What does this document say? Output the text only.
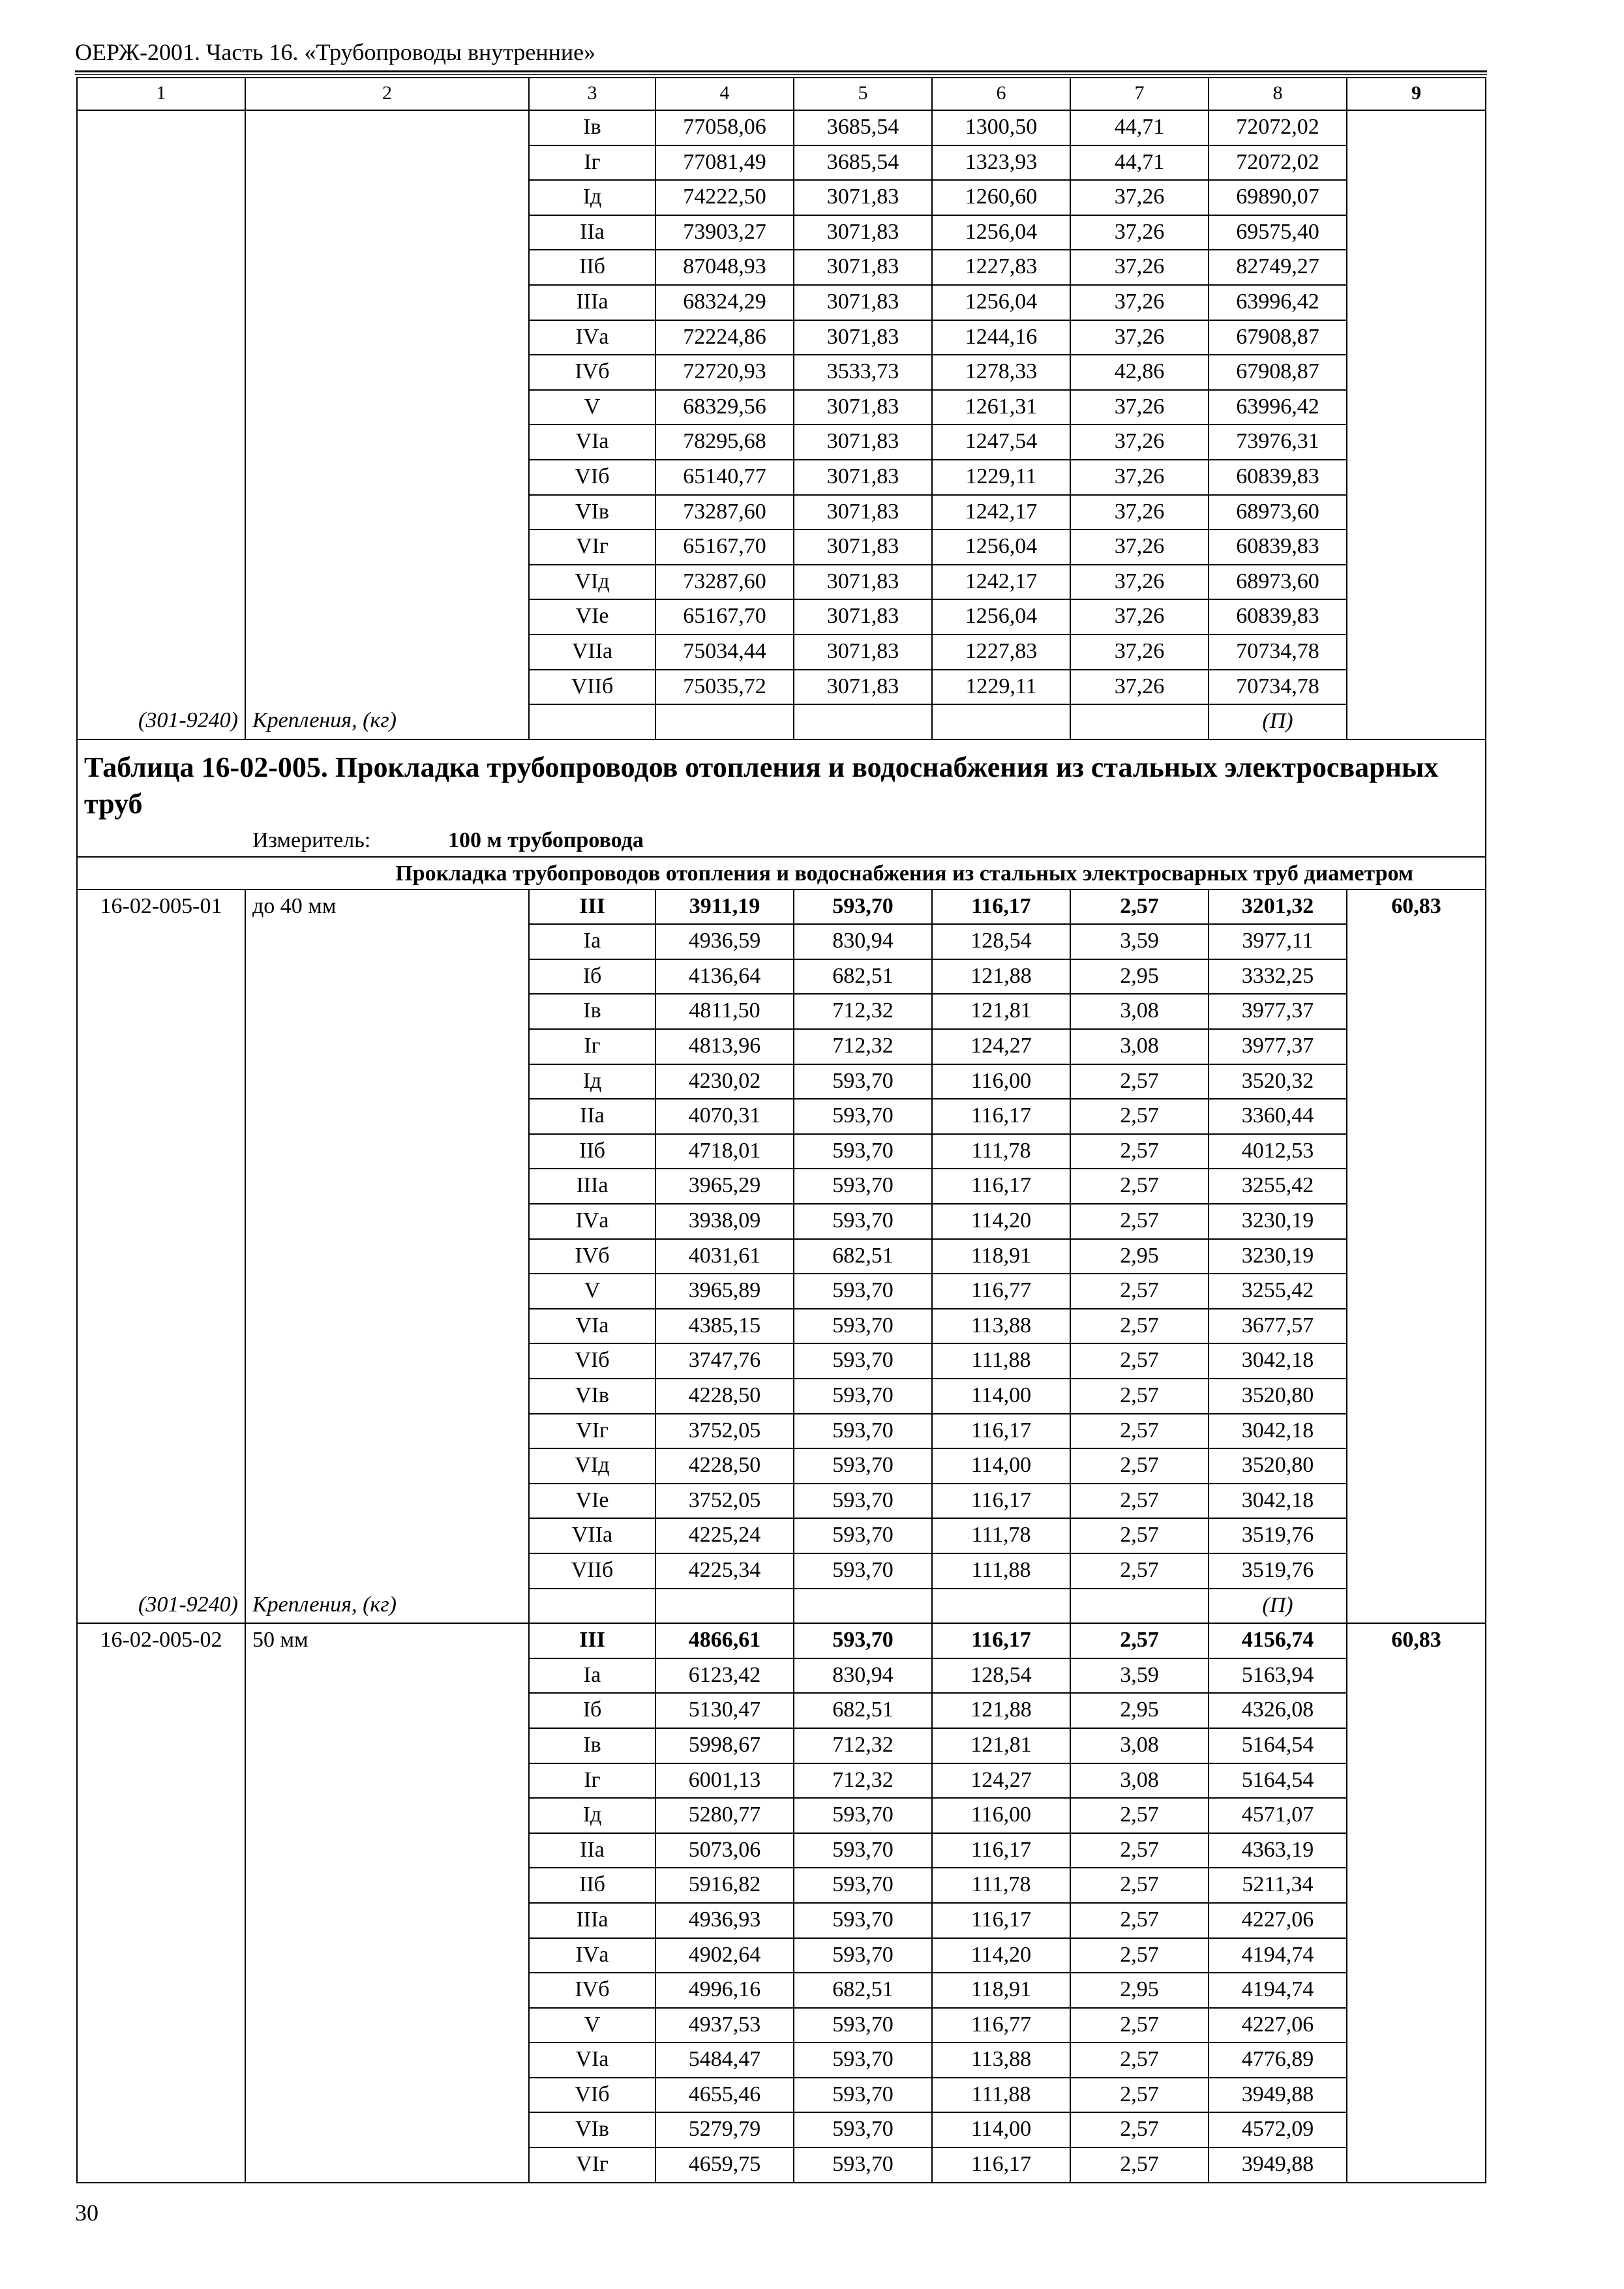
ОЕРЖ-2001. Часть 16. «Трубопроводы внутренние»
1	2	3	4	5	6	7	8	9
		Iв	77058,06	3685,54	1300,50	44,71	72072,02	
		Iг	77081,49	3685,54	1323,93	44,71	72072,02	
		Iд	74222,50	3071,83	1260,60	37,26	69890,07	
		IIа	73903,27	3071,83	1256,04	37,26	69575,40	
		IIб	87048,93	3071,83	1227,83	37,26	82749,27	
		IIIа	68324,29	3071,83	1256,04	37,26	63996,42	
		IVа	72224,86	3071,83	1244,16	37,26	67908,87	
		IVб	72720,93	3533,73	1278,33	42,86	67908,87	
		V	68329,56	3071,83	1261,31	37,26	63996,42	
		VIа	78295,68	3071,83	1247,54	37,26	73976,31	
		VIб	65140,77	3071,83	1229,11	37,26	60839,83	
		VIв	73287,60	3071,83	1242,17	37,26	68973,60	
		VIг	65167,70	3071,83	1256,04	37,26	60839,83	
		VIд	73287,60	3071,83	1242,17	37,26	68973,60	
		VIе	65167,70	3071,83	1256,04	37,26	60839,83	
		VIIа	75034,44	3071,83	1227,83	37,26	70734,78	
		VIIб	75035,72	3071,83	1229,11	37,26	70734,78	
(301-9240)	Крепления, (кг)						(П)	
Таблица 16-02-005. Прокладка трубопроводов отопления и водоснабжения из стальных электросварных труб								
Измеритель: 100 м трубопровода								
Прокладка трубопроводов отопления и водоснабжения из стальных электросварных труб диаметром								
16-02-005-01	до 40 мм	III	3911,19	593,70	116,17	2,57	3201,32	60,83
		Iа	4936,59	830,94	128,54	3,59	3977,11	
		Iб	4136,64	682,51	121,88	2,95	3332,25	
		Iв	4811,50	712,32	121,81	3,08	3977,37	
		Iг	4813,96	712,32	124,27	3,08	3977,37	
		Iд	4230,02	593,70	116,00	2,57	3520,32	
		IIа	4070,31	593,70	116,17	2,57	3360,44	
		IIб	4718,01	593,70	111,78	2,57	4012,53	
		IIIа	3965,29	593,70	116,17	2,57	3255,42	
		IVа	3938,09	593,70	114,20	2,57	3230,19	
		IVб	4031,61	682,51	118,91	2,95	3230,19	
		V	3965,89	593,70	116,77	2,57	3255,42	
		VIа	4385,15	593,70	113,88	2,57	3677,57	
		VIб	3747,76	593,70	111,88	2,57	3042,18	
		VIв	4228,50	593,70	114,00	2,57	3520,80	
		VIг	3752,05	593,70	116,17	2,57	3042,18	
		VIд	4228,50	593,70	114,00	2,57	3520,80	
		VIе	3752,05	593,70	116,17	2,57	3042,18	
		VIIа	4225,24	593,70	111,78	2,57	3519,76	
		VIIб	4225,34	593,70	111,88	2,57	3519,76	
(301-9240)	Крепления, (кг)						(П)	
16-02-005-02	50 мм	III	4866,61	593,70	116,17	2,57	4156,74	60,83
		Iа	6123,42	830,94	128,54	3,59	5163,94	
		Iб	5130,47	682,51	121,88	2,95	4326,08	
		Iв	5998,67	712,32	121,81	3,08	5164,54	
		Iг	6001,13	712,32	124,27	3,08	5164,54	
		Iд	5280,77	593,70	116,00	2,57	4571,07	
		IIа	5073,06	593,70	116,17	2,57	4363,19	
		IIб	5916,82	593,70	111,78	2,57	5211,34	
		IIIа	4936,93	593,70	116,17	2,57	4227,06	
		IVа	4902,64	593,70	114,20	2,57	4194,74	
		IVб	4996,16	682,51	118,91	2,95	4194,74	
		V	4937,53	593,70	116,77	2,57	4227,06	
		VIа	5484,47	593,70	113,88	2,57	4776,89	
		VIб	4655,46	593,70	111,88	2,57	3949,88	
		VIв	5279,79	593,70	114,00	2,57	4572,09	
		VIг	4659,75	593,70	116,17	2,57	3949,88	
30
